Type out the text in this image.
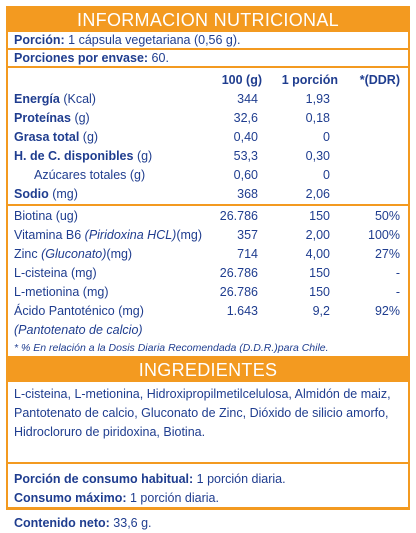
INFORMACION NUTRICIONAL
Porción: 1 cápsula vegetariana (0,56 g).
Porciones por envase: 60.
100 (g) 1 porción *(DDR)
Energía (Kcal)	344	1,93
Proteínas (g)	32,6	0,18
Grasa total (g)	0,40	0
H. de C. disponibles (g)	53,3	0,30
Azúcares totales (g)	0,60	0
Sodio (mg)	368	2,06
Biotina (ug)	26.786	150	50%
Vitamina B6 (Piridoxina HCL)(mg)	357	2,00	100%
Zinc (Gluconato)(mg)	714	4,00	27%
L-cisteina (mg)	26.786	150	-
L-metionina (mg)	26.786	150	-
Ácido Pantoténico (mg)	1.643	9,2	92%
(Pantotenato de calcio)
* % En relación a la Dosis Diaria Recomendada (D.D.R.)para Chile.
INGREDIENTES
L-cisteina, L-metionina, Hidroxipropilmetilcelulosa, Almidón de maiz, Pantotenato de calcio, Gluconato de Zinc, Dióxido de silicio amorfo, Hidrocloruro de piridoxina, Biotina.
Porción de consumo habitual: 1 porción diaria.
Consumo máximo: 1 porción diaria.
Contenido neto: 33,6 g.
